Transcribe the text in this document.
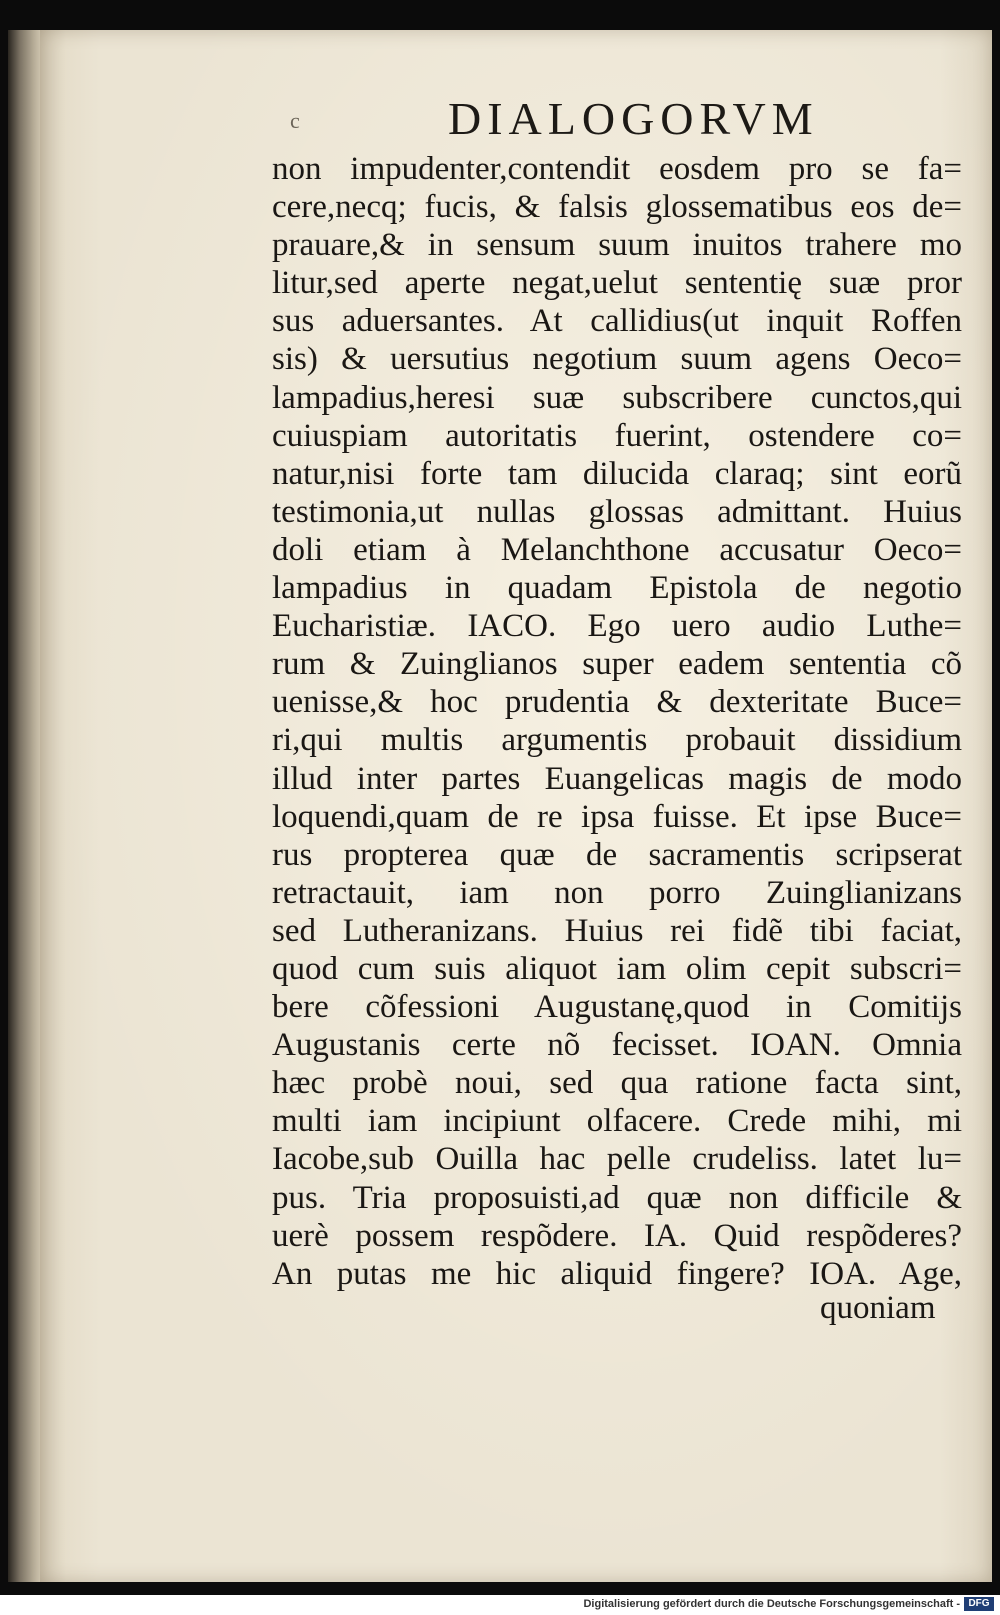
c	DIALOGORVM
non impudenter,contendit eosdem pro se fa=
cere,necq; fucis, & falsis glossematibus eos de=
prauare,& in sensum suum inuitos trahere mo
litur,sed aperte negat,uelut sententię suæ pror
sus aduersantes. At callidius(ut inquit Roffen
sis) & uersutius negotium suum agens Oeco=
lampadius,heresi suæ subscribere cunctos,qui
cuiuspiam autoritatis fuerint, ostendere co=
natur,nisi forte tam dilucida claraq; sint eorũ
testimonia,ut nullas glossas admittant. Huius
doli etiam à Melanchthone accusatur Oeco=
lampadius in quadam Epistola de negotio
Eucharistiæ. IACO. Ego uero audio Luthe=
rum & Zuinglianos super eadem sententia cõ
uenisse,& hoc prudentia & dexteritate Buce=
ri,qui multis argumentis probauit dissidium
illud inter partes Euangelicas magis de modo
loquendi,quam de re ipsa fuisse. Et ipse Buce=
rus propterea quæ de sacramentis scripserat
retractauit, iam non porro Zuinglianizans
sed Lutheranizans. Huius rei fidẽ tibi faciat,
quod cum suis aliquot iam olim cepit subscri=
bere cõfessioni Augustanę,quod in Comitijs
Augustanis certe nõ fecisset. IOAN. Omnia
hæc probè noui, sed qua ratione facta sint,
multi iam incipiunt olfacere. Crede mihi, mi
Iacobe,sub Ouilla hac pelle crudeliss. latet lu=
pus. Tria proposuisti,ad quæ non difficile &
uerè possem respõdere. IA. Quid respõderes?
An putas me hic aliquid fingere? IOA. Age,
quoniam
Digitalisierung gefördert durch die Deutsche Forschungsgemeinschaft - DFG
